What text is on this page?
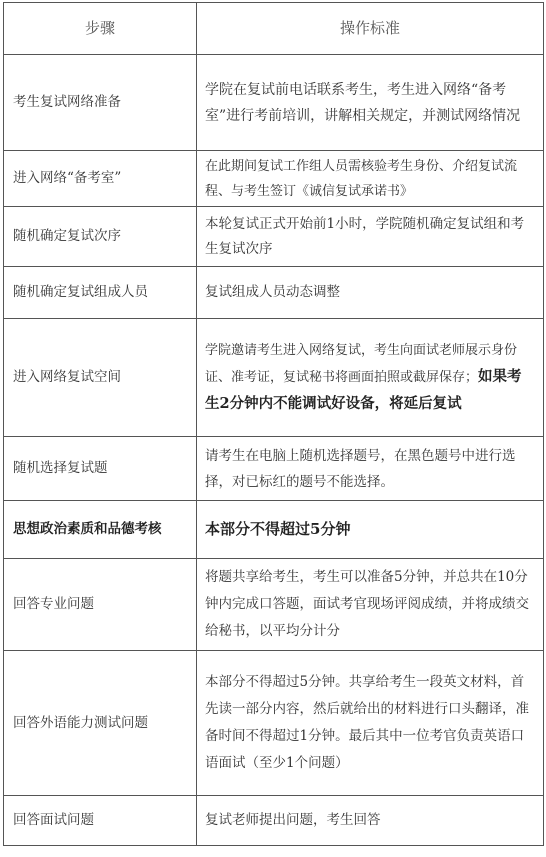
步骤	操作标准
考生复试网络准备	学院在复试前电话联系考生，考生进入网络“备考室”进行考前培训，讲解相关规定，并测试网络情况
进入网络“备考室”	在此期间复试工作组人员需核验考生身份、介绍复试流程、与考生签订《诚信复试承诺书》
随机确定复试次序	本轮复试正式开始前1小时，学院随机确定复试组和考生复试次序
随机确定复试组成人员	复试组成人员动态调整
进入网络复试空间	学院邀请考生进入网络复试，考生向面试老师展示身份证、准考证，复试秘书将画面拍照或截屏保存；如果考生2分钟内不能调试好设备，将延后复试
随机选择复试题	请考生在电脑上随机选择题号，在黑色题号中进行选择，对已标红的题号不能选择。
思想政治素质和品德考核	本部分不得超过5分钟
回答专业问题	将题共享给考生，考生可以准备5分钟，并总共在10分钟内完成口答题，面试考官现场评阅成绩，并将成绩交给秘书，以平均分计分
回答外语能力测试问题	本部分不得超过5分钟。共享给考生一段英文材料，首先读一部分内容，然后就给出的材料进行口头翻译，准备时间不得超过1分钟。最后其中一位考官负责英语口语面试（至少1个问题）
回答面试问题	复试老师提出问题，考生回答
